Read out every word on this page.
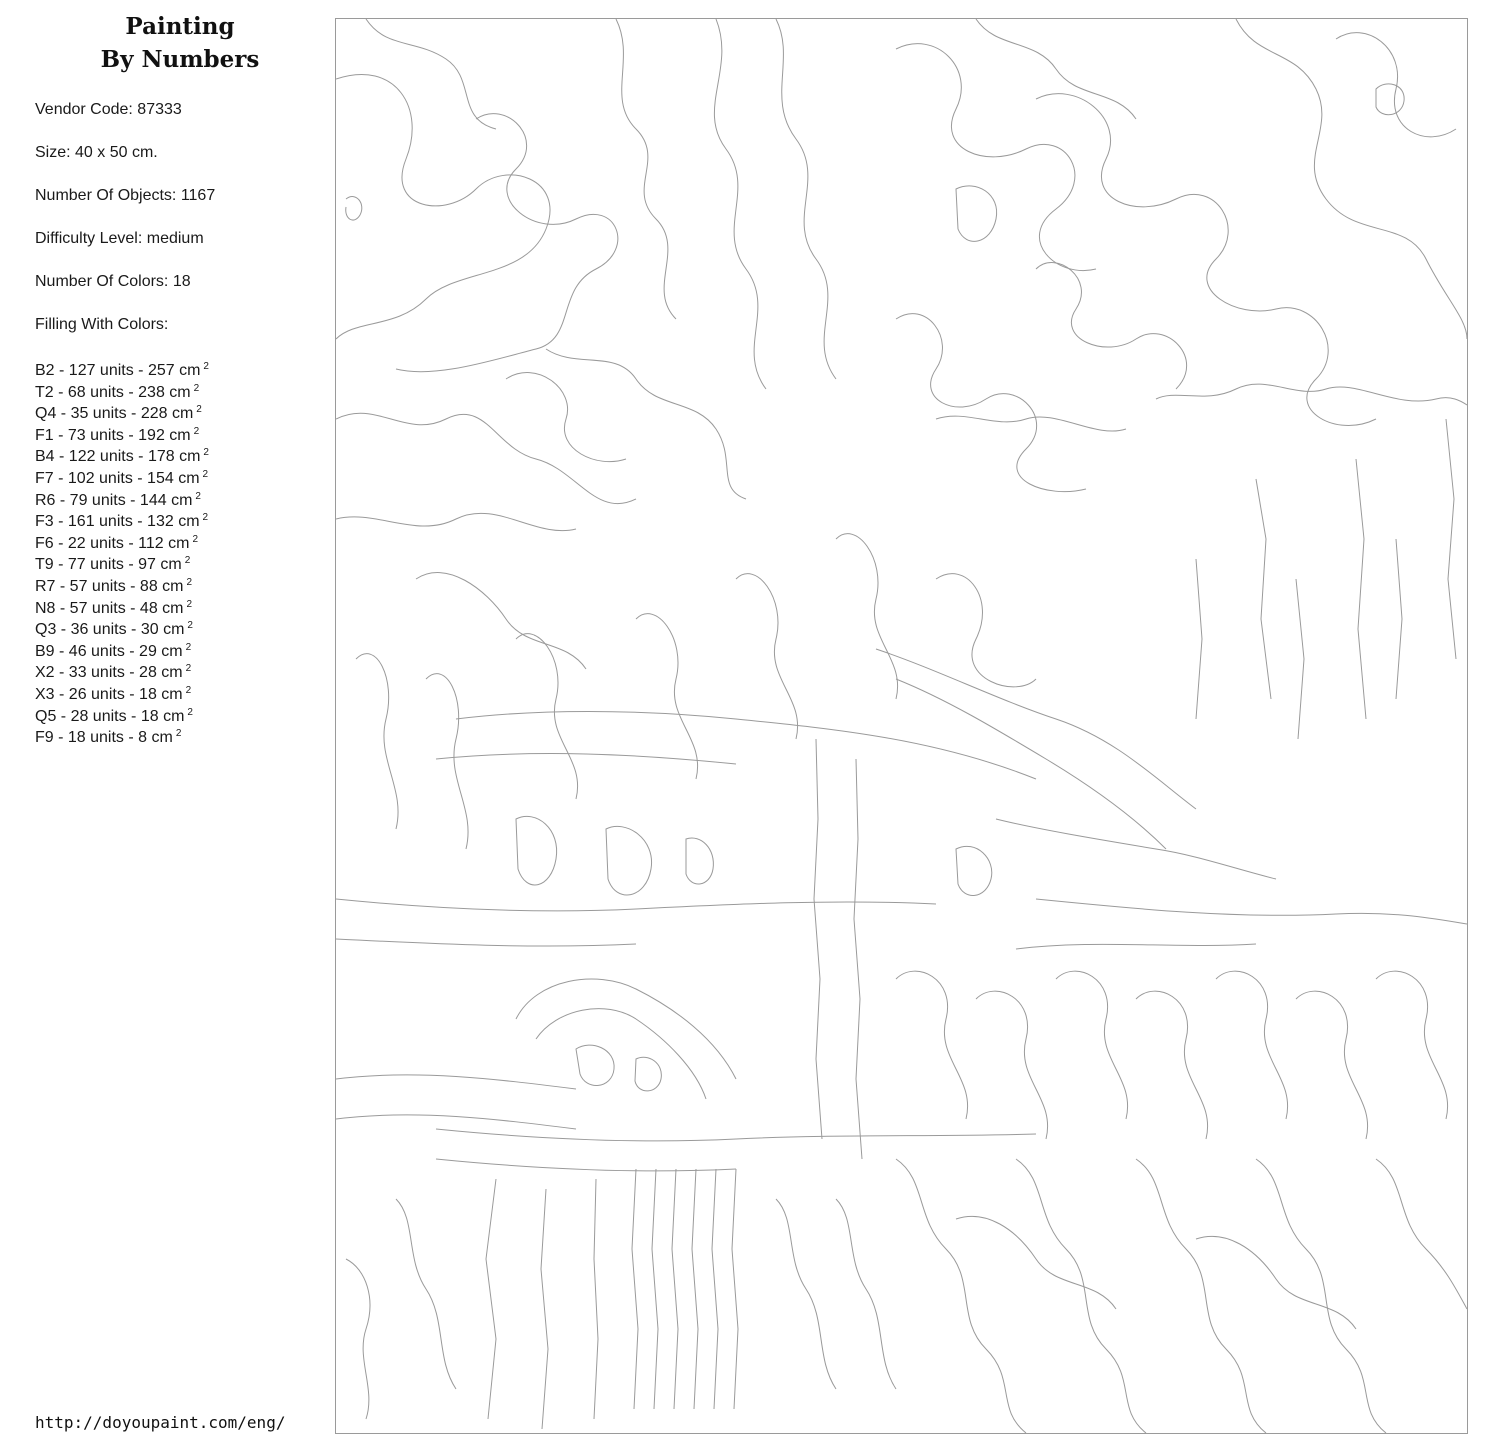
Painting
By Numbers
Vendor Code: 87333
Size: 40 x 50 cm.
Number Of Objects: 1167
Difficulty Level: medium
Number Of Colors: 18
Filling With Colors:
B2 - 127 units - 257 cm $^2$
T2 - 68 units - 238 cm $^2$
Q4 - 35 units - 228 cm $^2$
F1 - 73 units - 192 cm $^2$
B4 - 122 units - 178 cm $^2$
F7 - 102 units - 154 cm $^2$
R6 - 79 units - 144 cm $^2$
F3 - 161 units - 132 cm $^2$
F6 - 22 units - 112 cm $^2$
T9 - 77 units - 97 cm $^2$
R7 - 57 units - 88 cm $^2$
N8 - 57 units - 48 cm $^2$
Q3 - 36 units - 30 cm $^2$
B9 - 46 units - 29 cm $^2$
X2 - 33 units - 28 cm $^2$
X3 - 26 units - 18 cm $^2$
Q5 - 28 units - 18 cm $^2$
F9 - 18 units - 8 cm $^2$
http://doyoupaint.com/eng/
